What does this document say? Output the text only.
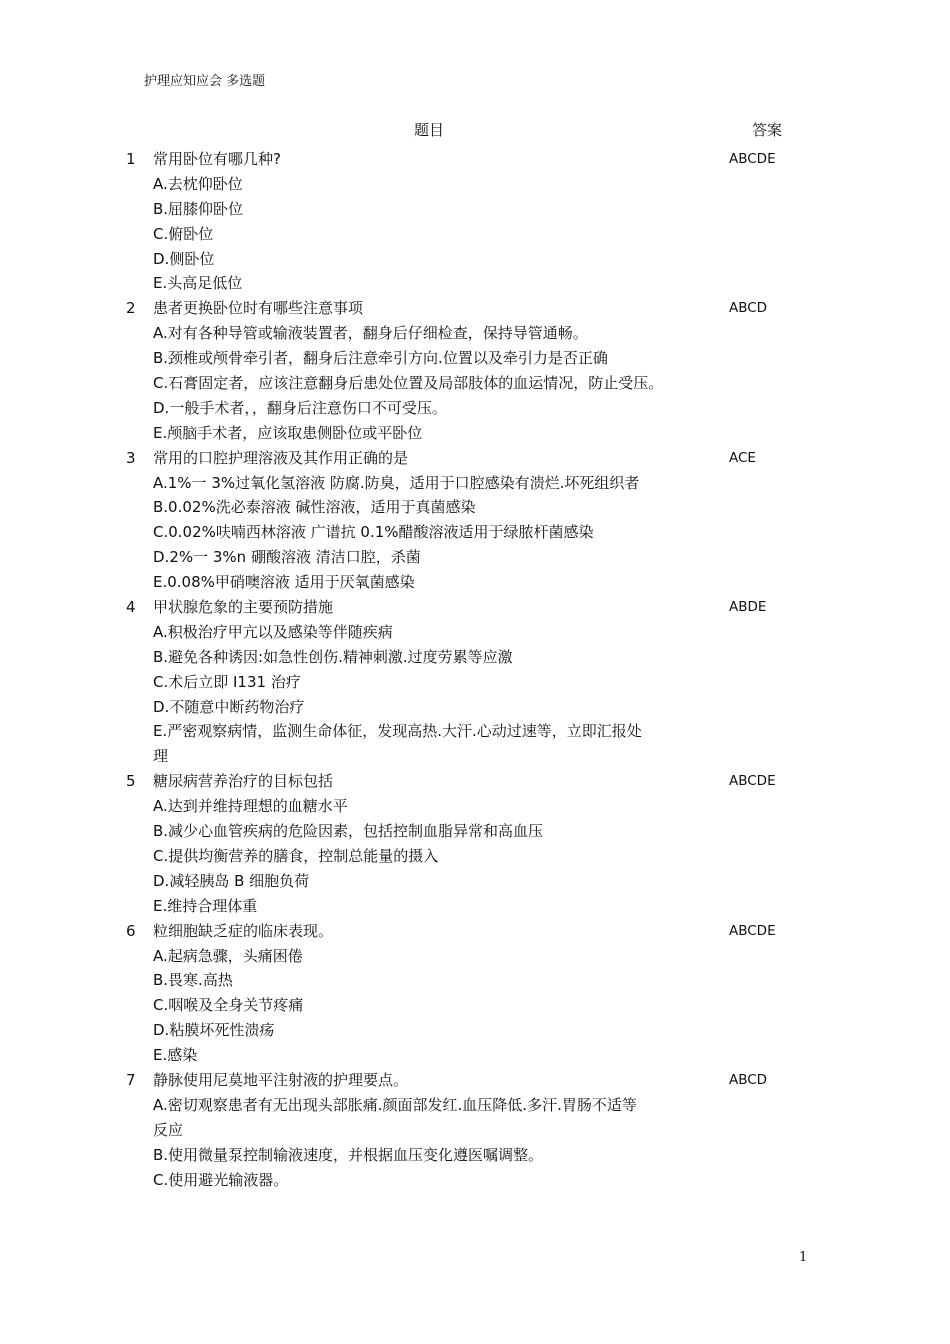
护理应知应会 多选题
题目	答案
1 常用卧位有哪几种?	ABCDE
A.去枕仰卧位
B.屈膝仰卧位
C.俯卧位
D.侧卧位
E.头高足低位
2 患者更换卧位时有哪些注意事项	ABCD
A.对有各种导管或输液装置者，翻身后仔细检查，保持导管通畅。
B.颈椎或颅骨牵引者，翻身后注意牵引方向.位置以及牵引力是否正确
C.石膏固定者，应该注意翻身后患处位置及局部肢体的血运情况，防止受压。
D.一般手术者，，翻身后注意伤口不可受压。
E.颅脑手术者，应该取患侧卧位或平卧位
3 常用的口腔护理溶液及其作用正确的是	ACE
A.1%一 3%过氧化氢溶液 防腐.防臭，适用于口腔感染有溃烂.坏死组织者
B.0.02%洗必泰溶液 碱性溶液，适用于真菌感染
C.0.02%呋喃西林溶液 广谱抗 0.1%醋酸溶液适用于绿脓杆菌感染
D.2%一 3%n 硼酸溶液 清洁口腔，杀菌
E.0.08%甲硝噢溶液 适用于厌氧菌感染
4 甲状腺危象的主要预防措施	ABDE
A.积极治疗甲亢以及感染等伴随疾病
B.避免各种诱因:如急性创伤.精神刺激.过度劳累等应激
C.术后立即 I131 治疗
D.不随意中断药物治疗
E.严密观察病情，监测生命体征，发现高热.大汗.心动过速等，立即汇报处
理
5 糖尿病营养治疗的目标包括	ABCDE
A.达到并维持理想的血糖水平
B.减少心血管疾病的危险因素，包括控制血脂异常和高血压
C.提供均衡营养的膳食，控制总能量的摄入
D.减轻胰岛 B 细胞负荷
E.维持合理体重
6 粒细胞缺乏症的临床表现。	ABCDE
A.起病急骤，头痛困倦
B.畏寒.高热
C.咽喉及全身关节疼痛
D.粘膜坏死性溃疡
E.感染
7 静脉使用尼莫地平注射液的护理要点。	ABCD
A.密切观察患者有无出现头部胀痛.颜面部发红.血压降低.多汗.胃肠不适等
反应
B.使用微量泵控制输液速度，并根据血压变化遵医嘱调整。
C.使用避光输液器。
1
